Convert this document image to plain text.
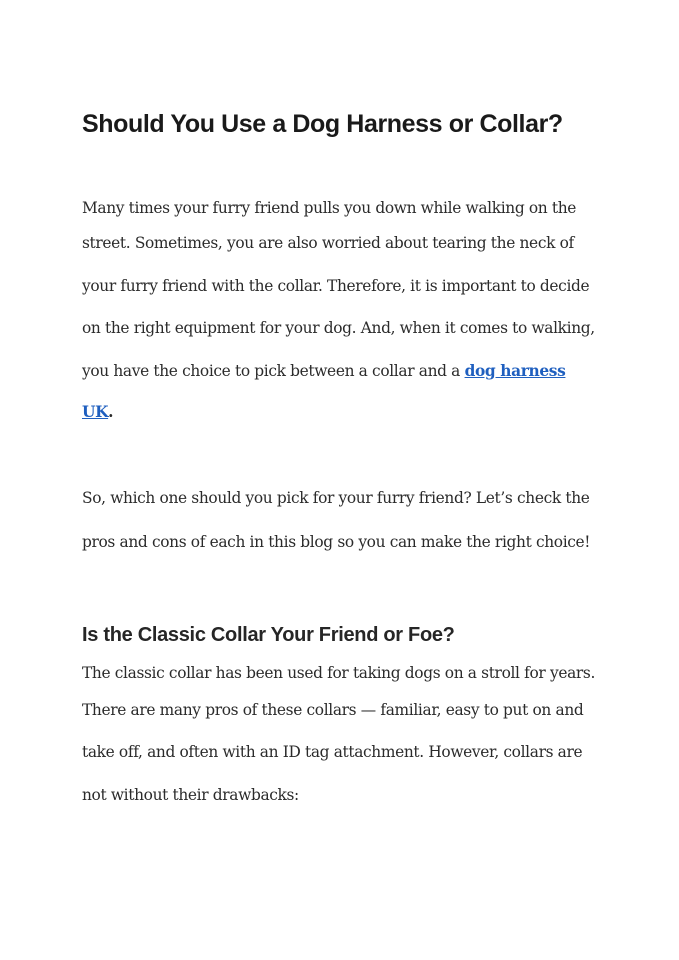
Should You Use a Dog Harness or Collar?

Many times your furry friend pulls you down while walking on the

street. Sometimes, you are also worried about tearing the neck of

your furry friend with the collar. Therefore, it is important to decide

on the right equipment for your dog. And, when it comes to walking,

you have the choice to pick between a collar and a dog harness

UK.

So, which one should you pick for your furry friend? Let’s check the

pros and cons of each in this blog so you can make the right choice!

Is the Classic Collar Your Friend or Foe?

The classic collar has been used for taking dogs on a stroll for years.

There are many pros of these collars — familiar, easy to put on and

take off, and often with an ID tag attachment. However, collars are

not without their drawbacks:
